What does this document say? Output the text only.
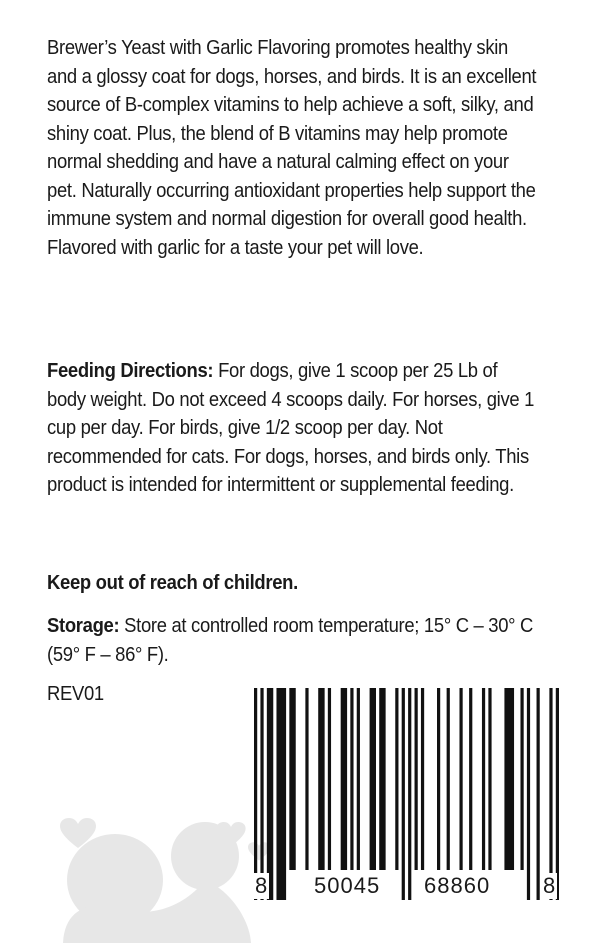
Brewer’s Yeast with Garlic Flavoring promotes healthy skin and a glossy coat for dogs, horses, and birds. It is an excellent source of B-complex vitamins to help achieve a soft, silky, and shiny coat. Plus, the blend of B vitamins may help promote normal shedding and have a natural calming effect on your pet. Naturally occurring antioxidant properties help support the immune system and normal digestion for overall good health. Flavored with garlic for a taste your pet will love.
Feeding Directions: For dogs, give 1 scoop per 25 Lb of body weight. Do not exceed 4 scoops daily. For horses, give 1 cup per day. For birds, give 1/2 scoop per day. Not recommended for cats. For dogs, horses, and birds only. This product is intended for intermittent or supplemental feeding.
Keep out of reach of children.
Storage: Store at controlled room temperature; 15° C – 30° C (59° F – 86° F).
REV01
8 50045 68860 8
